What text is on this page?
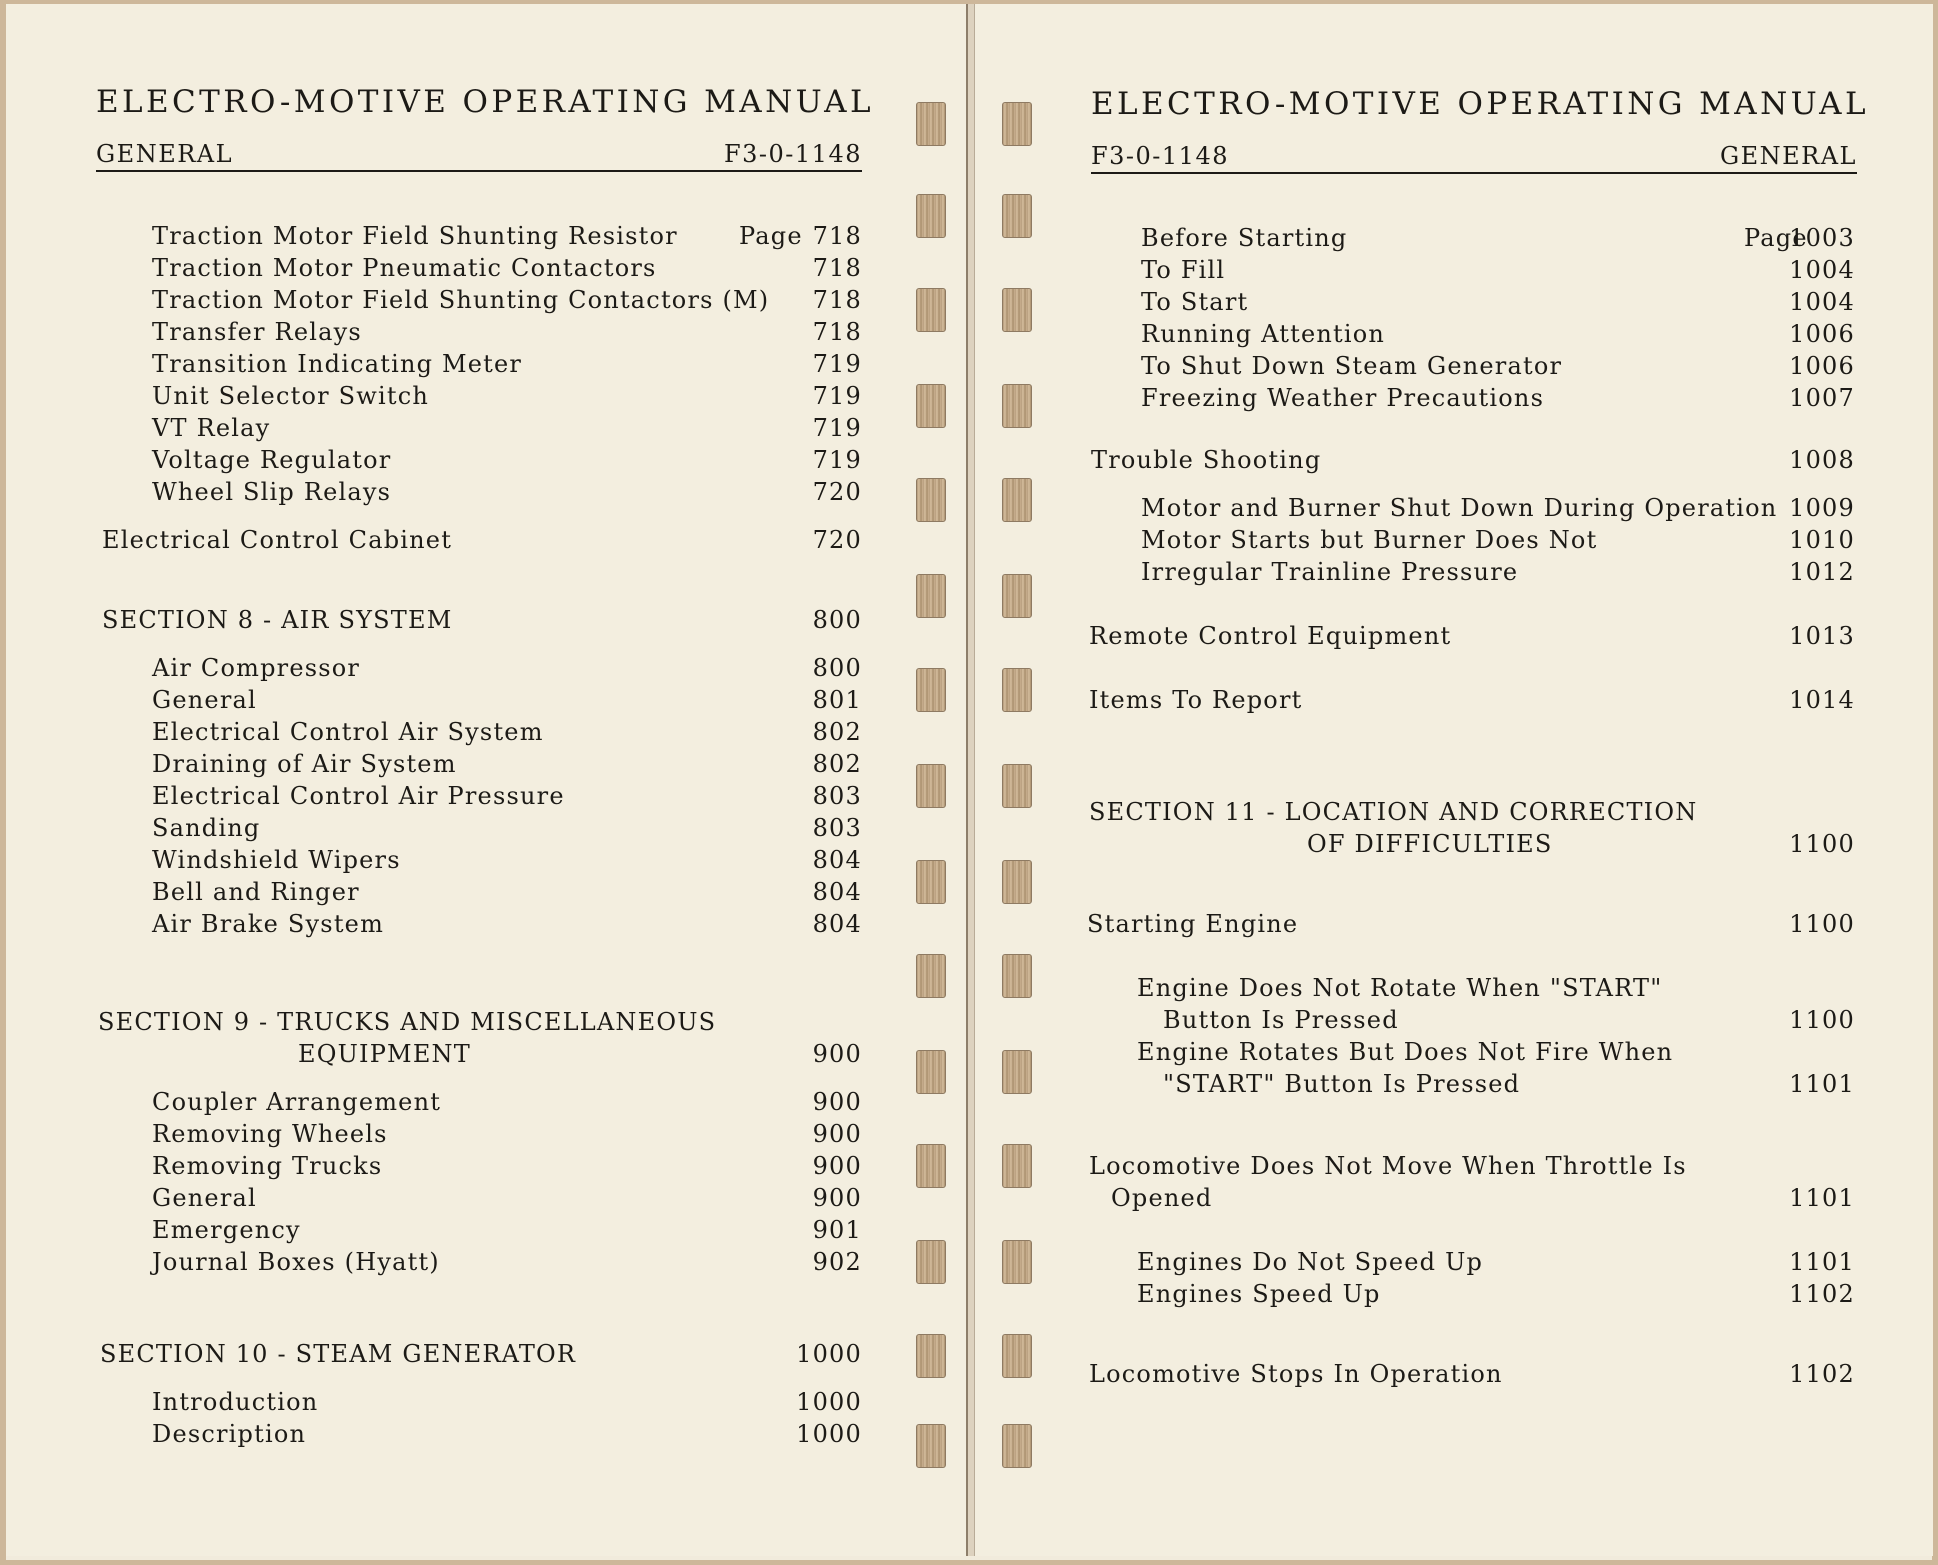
ELECTRO-MOTIVE OPERATING MANUAL
GENERAL	F3-0-1148
Page
Traction Motor Field Shunting Resistor	718
Traction Motor Pneumatic Contactors	718
Traction Motor Field Shunting Contactors (M)	718
Transfer Relays	718
Transition Indicating Meter	719
Unit Selector Switch	719
VT Relay	719
Voltage Regulator	719
Wheel Slip Relays	720
Electrical Control Cabinet	720
SECTION 8 - AIR SYSTEM	800
Air Compressor	800
General	801
Electrical Control Air System	802
Draining of Air System	802
Electrical Control Air Pressure	803
Sanding	803
Windshield Wipers	804
Bell and Ringer	804
Air Brake System	804
SECTION 9 - TRUCKS AND MISCELLANEOUS
EQUIPMENT	900
Coupler Arrangement	900
Removing Wheels	900
Removing Trucks	900
General	900
Emergency	901
Journal Boxes (Hyatt)	902
SECTION 10 - STEAM GENERATOR	1000
Introduction	1000
Description	1000
ELECTRO-MOTIVE OPERATING MANUAL
F3-0-1148	GENERAL
Page
Before Starting	1003
To Fill	1004
To Start	1004
Running Attention	1006
To Shut Down Steam Generator	1006
Freezing Weather Precautions	1007
Trouble Shooting	1008
Motor and Burner Shut Down During Operation 1009
Motor Starts but Burner Does Not	1010
Irregular Trainline Pressure	1012
Remote Control Equipment	1013
Items To Report	1014
SECTION 11 - LOCATION AND CORRECTION
OF DIFFICULTIES	1100
Starting Engine	1100
Engine Does Not Rotate When "START"
Button Is Pressed	1100
Engine Rotates But Does Not Fire When
"START" Button Is Pressed	1101
Locomotive Does Not Move When Throttle Is
Opened	1101
Engines Do Not Speed Up	1101
Engines Speed Up	1102
Locomotive Stops In Operation	1102
